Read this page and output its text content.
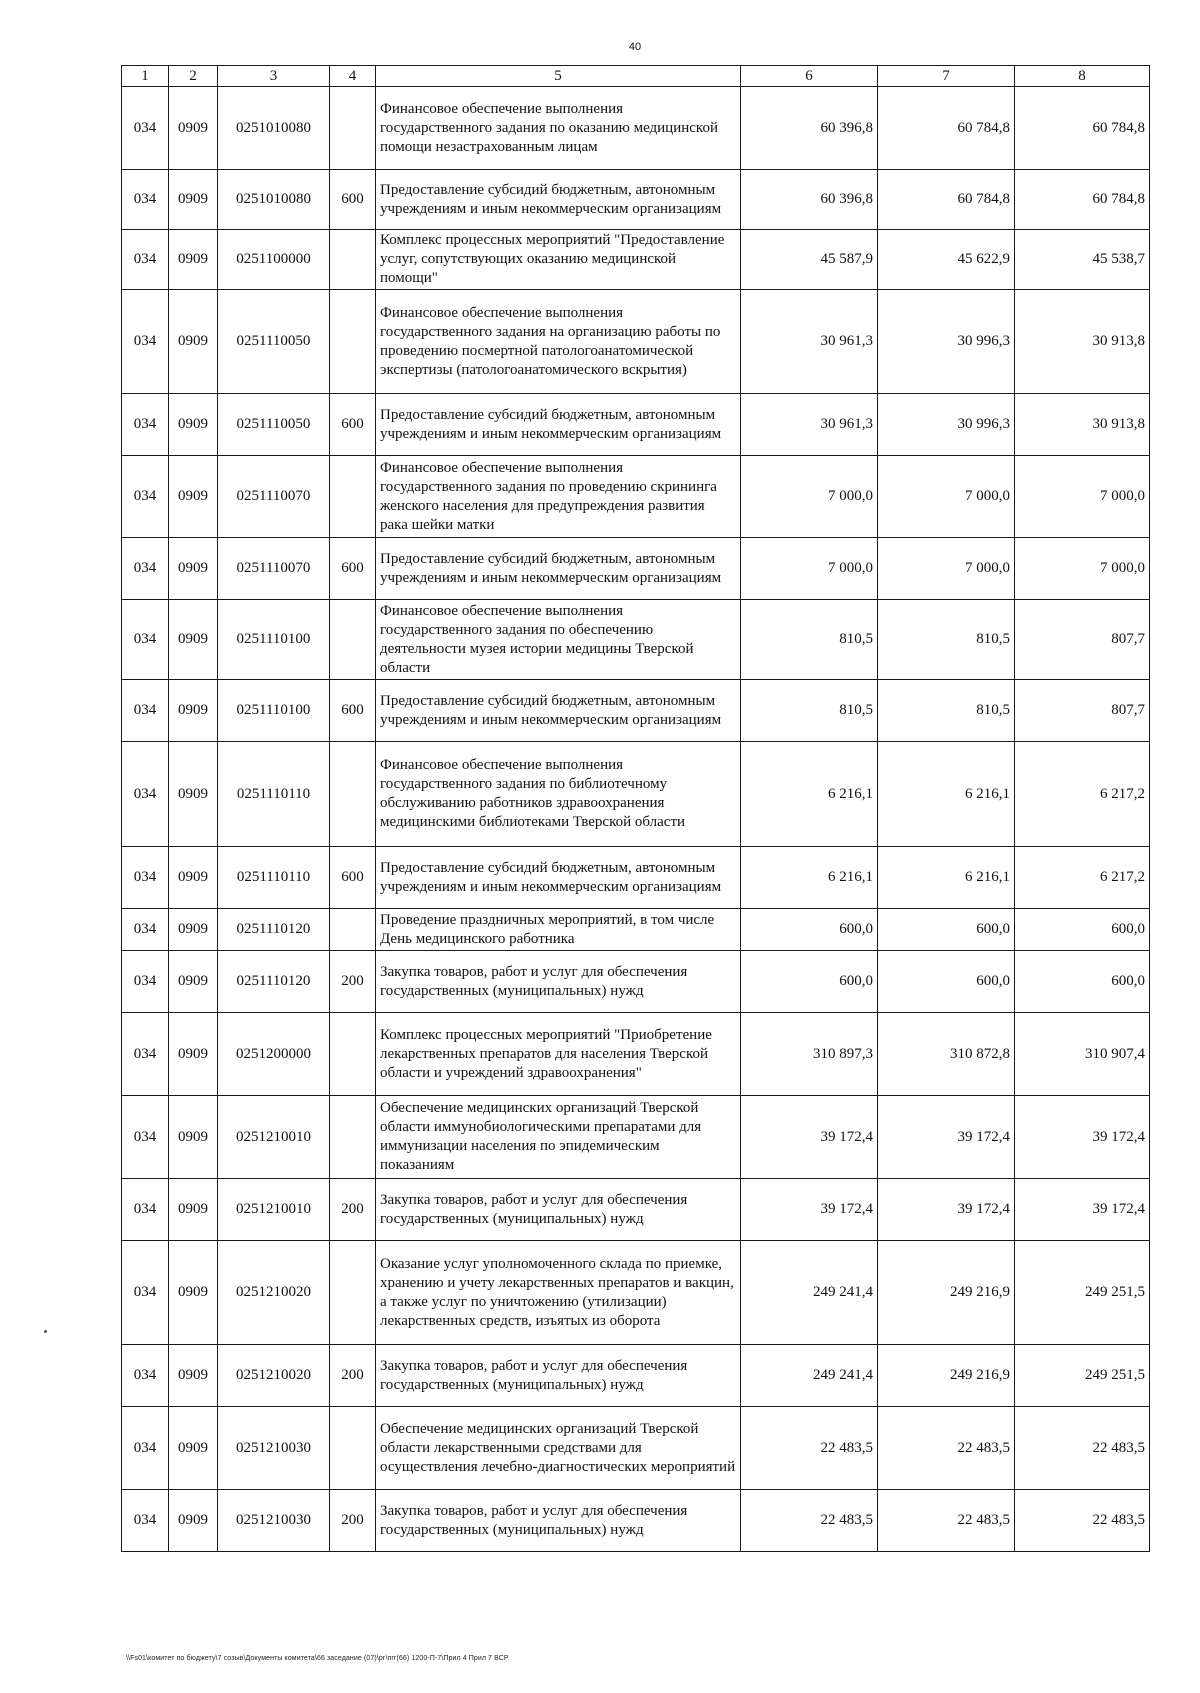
40
1	2	3	4	5	6	7	8
034	0909	0251010080		Финансовое обеспечение выполнения государственного задания по оказанию медицинской помощи незастрахованным лицам	60 396,8	60 784,8	60 784,8
034	0909	0251010080	600	Предоставление субсидий бюджетным, автономным учреждениям и иным некоммерческим организациям	60 396,8	60 784,8	60 784,8
034	0909	0251100000		Комплекс процессных мероприятий "Предоставление услуг, сопутствующих оказанию медицинской помощи"	45 587,9	45 622,9	45 538,7
034	0909	0251110050		Финансовое обеспечение выполнения государственного задания на организацию работы по проведению посмертной патологоанатомической экспертизы (патологоанатомического вскрытия)	30 961,3	30 996,3	30 913,8
034	0909	0251110050	600	Предоставление субсидий бюджетным, автономным учреждениям и иным некоммерческим организациям	30 961,3	30 996,3	30 913,8
034	0909	0251110070		Финансовое обеспечение выполнения государственного задания по проведению скрининга женского населения для предупреждения развития рака шейки матки	7 000,0	7 000,0	7 000,0
034	0909	0251110070	600	Предоставление субсидий бюджетным, автономным учреждениям и иным некоммерческим организациям	7 000,0	7 000,0	7 000,0
034	0909	0251110100		Финансовое обеспечение выполнения государственного задания по обеспечению деятельности музея истории медицины Тверской области	810,5	810,5	807,7
034	0909	0251110100	600	Предоставление субсидий бюджетным, автономным учреждениям и иным некоммерческим организациям	810,5	810,5	807,7
034	0909	0251110110		Финансовое обеспечение выполнения государственного задания по библиотечному обслуживанию работников здравоохранения медицинскими библиотеками Тверской области	6 216,1	6 216,1	6 217,2
034	0909	0251110110	600	Предоставление субсидий бюджетным, автономным учреждениям и иным некоммерческим организациям	6 216,1	6 216,1	6 217,2
034	0909	0251110120		Проведение праздничных мероприятий, в том числе День медицинского работника	600,0	600,0	600,0
034	0909	0251110120	200	Закупка товаров, работ и услуг для обеспечения государственных (муниципальных) нужд	600,0	600,0	600,0
034	0909	0251200000		Комплекс процессных мероприятий "Приобретение лекарственных препаратов для населения Тверской области и учреждений здравоохранения"	310 897,3	310 872,8	310 907,4
034	0909	0251210010		Обеспечение медицинских организаций Тверской области иммунобиологическими препаратами для иммунизации населения по эпидемическим показаниям	39 172,4	39 172,4	39 172,4
034	0909	0251210010	200	Закупка товаров, работ и услуг для обеспечения государственных (муниципальных) нужд	39 172,4	39 172,4	39 172,4
034	0909	0251210020		Оказание услуг уполномоченного склада по приемке, хранению и учету лекарственных препаратов и вакцин, а также услуг по уничтожению (утилизации) лекарственных средств, изъятых из оборота	249 241,4	249 216,9	249 251,5
034	0909	0251210020	200	Закупка товаров, работ и услуг для обеспечения государственных (муниципальных) нужд	249 241,4	249 216,9	249 251,5
034	0909	0251210030		Обеспечение медицинских организаций Тверской области лекарственными средствами для осуществления лечебно-диагностических мероприятий	22 483,5	22 483,5	22 483,5
034	0909	0251210030	200	Закупка товаров, работ и услуг для обеспечения государственных (муниципальных) нужд	22 483,5	22 483,5	22 483,5
\\Fs01\комитет по бюджету\7 созыв\Документы комитета\66 заседание (07)\рг\пrг(66) 1200-П-7\Прил 4 Прил 7 ВСР
